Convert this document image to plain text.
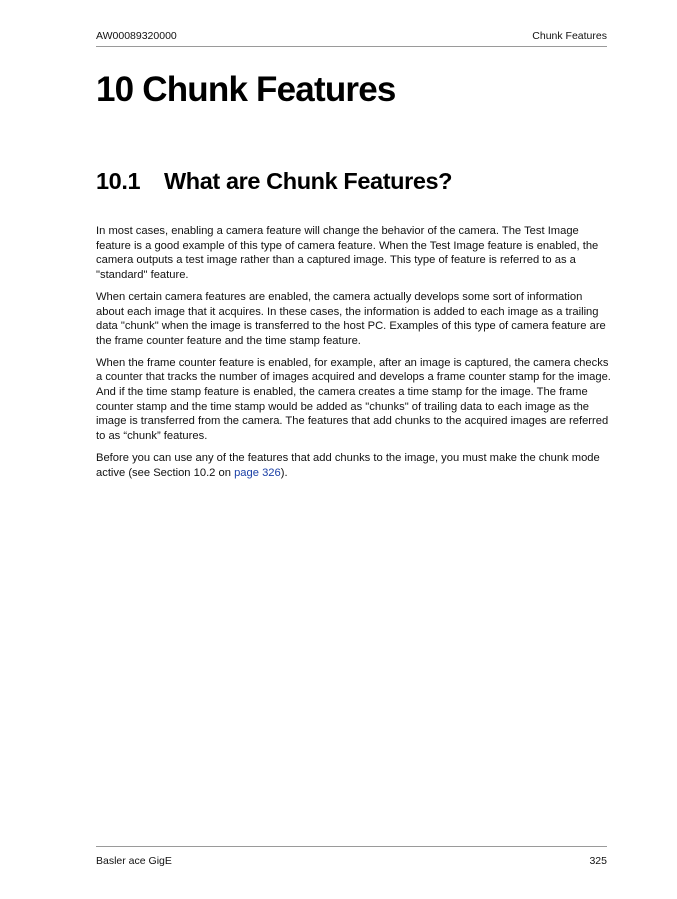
AW00089320000	Chunk Features
10 Chunk Features
10.1 What are Chunk Features?

In most cases, enabling a camera feature will change the behavior of the camera. The Test Image feature is a good example of this type of camera feature. When the Test Image feature is enabled, the camera outputs a test image rather than a captured image. This type of feature is referred to as a "standard" feature.

When certain camera features are enabled, the camera actually develops some sort of information about each image that it acquires. In these cases, the information is added to each image as a trailing data "chunk" when the image is transferred to the host PC. Examples of this type of camera feature are the frame counter feature and the time stamp feature.

When the frame counter feature is enabled, for example, after an image is captured, the camera checks a counter that tracks the number of images acquired and develops a frame counter stamp for the image. And if the time stamp feature is enabled, the camera creates a time stamp for the image. The frame counter stamp and the time stamp would be added as "chunks" of trailing data to each image as the image is transferred from the camera. The features that add chunks to the acquired images are referred to as “chunk” features.

Before you can use any of the features that add chunks to the image, you must make the chunk mode active (see Section 10.2 on page 326).

Basler ace GigE	325
